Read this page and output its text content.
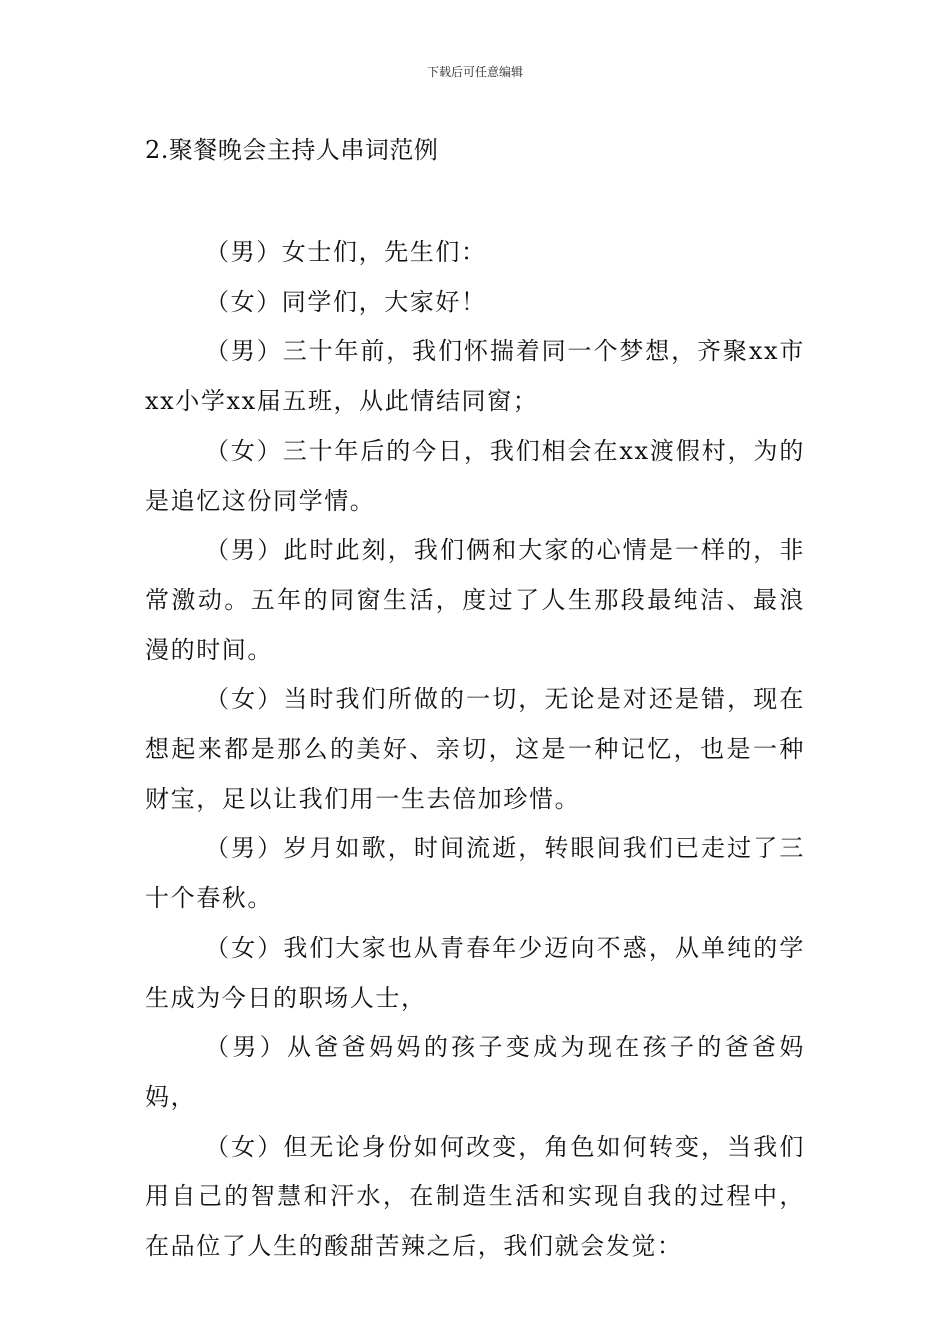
下载后可任意编辑
2.聚餐晚会主持人串词范例

（男）女士们，先生们：

（女）同学们，大家好！

（男）三十年前，我们怀揣着同一个梦想，齐聚xx市xx小学xx届五班，从此情结同窗；

（女）三十年后的今日，我们相会在xx渡假村，为的是追忆这份同学情。

（男）此时此刻，我们俩和大家的心情是一样的，非常激动。五年的同窗生活，度过了人生那段最纯洁、最浪漫的时间。

（女）当时我们所做的一切，无论是对还是错，现在想起来都是那么的美好、亲切，这是一种记忆，也是一种财宝，足以让我们用一生去倍加珍惜。

（男）岁月如歌，时间流逝，转眼间我们已走过了三十个春秋。

（女）我们大家也从青春年少迈向不惑，从单纯的学生成为今日的职场人士，

（男）从爸爸妈妈的孩子变成为现在孩子的爸爸妈妈，

（女）但无论身份如何改变，角色如何转变，当我们用自己的智慧和汗水，在制造生活和实现自我的过程中，在品位了人生的酸甜苦辣之后，我们就会发觉：
